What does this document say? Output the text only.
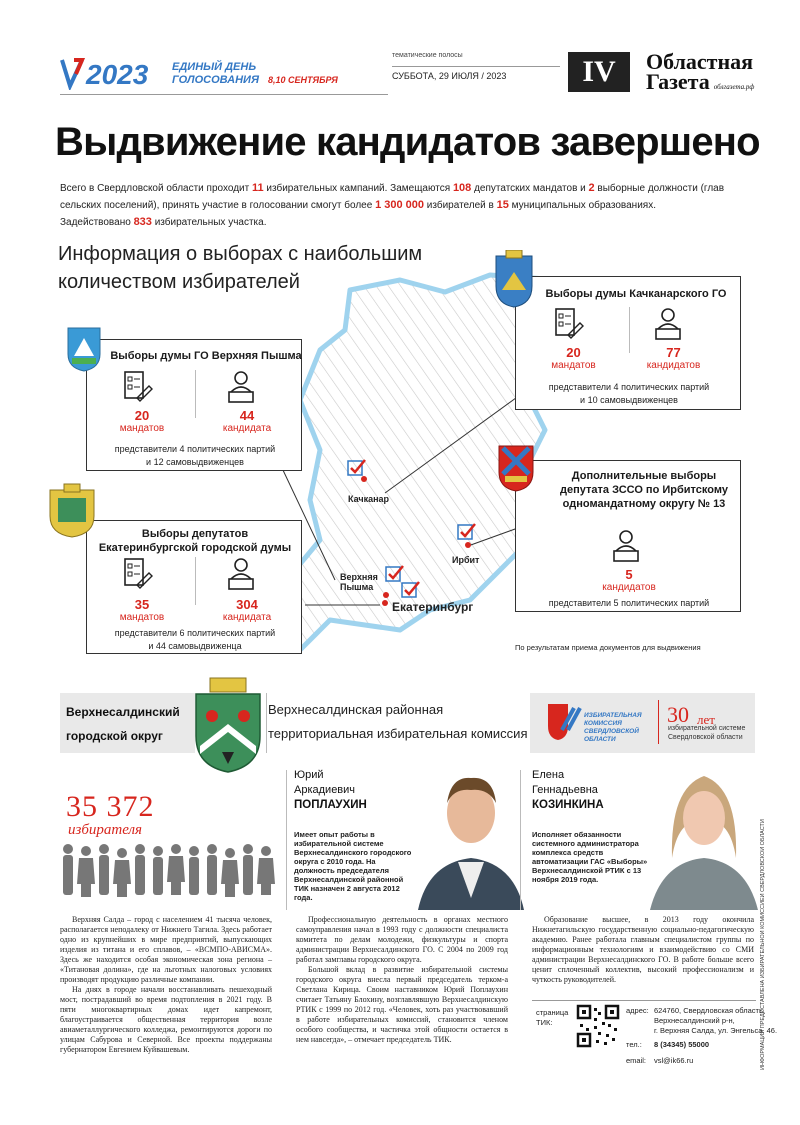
2023 ЕДИНЫЙ ДЕНЬ
ГОЛОСОВАНИЯ 8,10 СЕНТЯБРЯ
тематические полосы
СУББОТА, 29 ИЮЛЯ / 2023	IV	Областная
Газета облгазета.рф
Выдвижение кандидатов завершено
Всего в Свердловской области проходит 11 избирательных кампаний. Замещаются 108 депутатских мандатов и 2 выборные должности (глав сельских поселений), принять участие в голосовании смогут более 1 300 000 избирателей в 15 муниципальных образованиях.
Задействовано 833 избирательных участка.
Качканар
Ирбит
Верхняя
Пышма
Екатеринбург
Информация о выборах с наибольшим
количеством избирателей
Выборы думы ГО Верхняя Пышма
20
мандатов
44
кандидата
представители 4 политических партий
и 12 самовыдвиженцев
Выборы депутатов
Екатеринбургской городской думы
35
мандатов
304
кандидата
представители 6 политических партий
и 44 самовыдвиженца
Выборы думы Качканарского ГО
20
мандатов
77
кандидатов
представители 4 политических партий
и 10 самовыдвиженцев
Дополнительные выборы
депутата ЗССО по Ирбитскому
одномандатному округу № 13
5
кандидатов
представители 5 политических партий
По результатам приема документов для выдвижения
Верхнесалдинский
городской округ
Верхнесалдинская районная
территориальная избирательная комиссия
ИЗБИРАТЕЛЬНАЯ
КОМИССИЯ
СВЕРДЛОВСКОЙ
ОБЛАСТИ
30 лет
избирательной системе
Свердловской области
35 372
избирателя
Юрий
Аркадиевич
ПОПЛАУХИН
Имеет опыт работы в избирательной системе Верхнесалдинского городского округа с 2010 года. На должность председателя Верхнесалдинской районной ТИК назначен 2 августа 2012 года.
Елена
Геннадьевна
КОЗИНКИНА
Исполняет обязанности системного администратора комплекса средств автоматизации ГАС «Выборы» Верхнесалдинской РТИК с 13 ноября 2019 года.

Верхняя Салда – город с населением 41 тысяча человек, располагается неподалеку от Нижнего Тагила. Здесь работает одно из крупнейших в мире предприятий, выпускающих изделия из титана и его сплавов, – «ВСМПО-АВИСМА». Здесь же находится особая экономическая зона региона – «Титановая долина», где на льготных налоговых условиях производят продукцию различные компании.

На днях в городе начали восстанавливать пешеходный мост, пострадавший во время подтопления в 2021 году. В пяти многоквартирных домах идет капремонт, благоустраивается общественная территория возле авиаметаллургического колледжа, ремонтируются дороги по улицам Сабурова и Северной. Все проекты поддержаны губернатором Евгением Куйвашевым.

Профессиональную деятельность в органах местного самоуправления начал в 1993 году с должности специалиста комитета по делам молодежи, физкультуры и спорта администрации Верхнесалдинского ГО. С 2004 по 2009 год работал замглавы городского округа.

Большой вклад в развитие избирательной системы городского округа внесла первый председатель терком-а Светлана Кирица. Своим наставником Юрий Поплаухин считает Татьяну Блохину, возглавлявшую Верхнесалдинскую РТИК с 1999 по 2012 год. «Человек, хоть раз участвовавший в работе избирательных комиссий, становится членом особого сообщества, и частичка этой общности остается в нем навсегда», – отмечает председатель ТИК.

Образование высшее, в 2013 году окончила Нижнетагильскую государственную социально-педагогическую академию. Ранее работала главным специалистом группы по информационным технологиям и взаимодействию со СМИ администрации Верхнесалдинского ГО. В работе больше всего ценит сплоченный коллектив, высокий профессионализм и чуткость руководителей.

страница
ТИК:
адрес: 624760, Свердловская область,
Верхнесалдинский р-н,
г. Верхняя Салда, ул. Энгельса, 46.
тел.: 8 (34345) 55000
email: vsl@ik66.ru	ИНФОРМАЦИЯ ПРЕДОСТАВЛЕНА ИЗБИРАТЕЛЬНОЙ КОМИССИЕЙ СВЕРДЛОВСКОЙ ОБЛАСТИ
